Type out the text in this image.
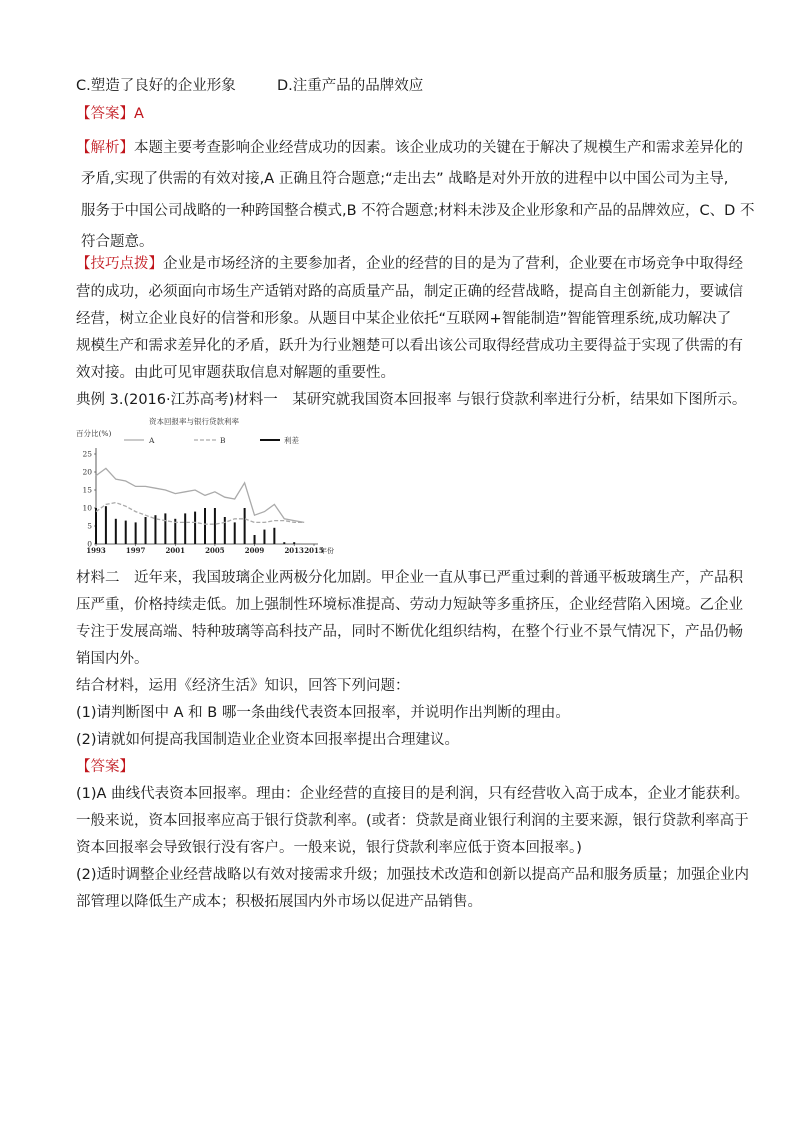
C.塑造了良好的企业形象	D.注重产品的品牌效应
【答案】A
【解析】本题主要考查影响企业经营成功的因素。该企业成功的关键在于解决了规模生产和需求差异化的
矛盾,实现了供需的有效对接,A 正确且符合题意;“走出去” 战略是对外开放的进程中以中国公司为主导,
服务于中国公司战略的一种跨国整合模式,B 不符合题意;材料未涉及企业形象和产品的品牌效应，C、D 不
符合题意。
【技巧点拨】企业是市场经济的主要参加者，企业的经营的目的是为了营利，企业要在市场竞争中取得经
营的成功，必须面向市场生产适销对路的高质量产品，制定正确的经营战略，提高自主创新能力，要诚信
经营，树立企业良好的信誉和形象。从题目中某企业依托“互联网+智能制造”智能管理系统,成功解决了
规模生产和需求差异化的矛盾，跃升为行业翘楚可以看出该公司取得经营成功主要得益于实现了供需的有
效对接。由此可见审题获取信息对解题的重要性。
典例 3.(2016·江苏高考)材料一　某研究就我国资本回报率 与银行贷款利率进行分析，结果如下图所示。
资本回报率与银行贷款利率
百分比(%)
A	B	利差
0
5
10
15
20
25
1993	1997	2001	2005	2009	2013 2015
年份
材料二　近年来，我国玻璃企业两极分化加剧。甲企业一直从事已严重过剩的普通平板玻璃生产，产品积
压严重，价格持续走低。加上强制性环境标准提高、劳动力短缺等多重挤压，企业经营陷入困境。乙企业
专注于发展高端、特种玻璃等高科技产品，同时不断优化组织结构，在整个行业不景气情况下，产品仍畅
销国内外。
结合材料，运用《经济生活》知识，回答下列问题：
(1)请判断图中 A 和 B 哪一条曲线代表资本回报率，并说明作出判断的理由。
(2)请就如何提高我国制造业企业资本回报率提出合理建议。
【答案】
(1)A 曲线代表资本回报率。理由：企业经营的直接目的是利润，只有经营收入高于成本，企业才能获利。
一般来说，资本回报率应高于银行贷款利率。(或者：贷款是商业银行利润的主要来源，银行贷款利率高于
资本回报率会导致银行没有客户。一般来说，银行贷款利率应低于资本回报率。)
(2)适时调整企业经营战略以有效对接需求升级；加强技术改造和创新以提高产品和服务质量；加强企业内
部管理以降低生产成本；积极拓展国内外市场以促进产品销售。
